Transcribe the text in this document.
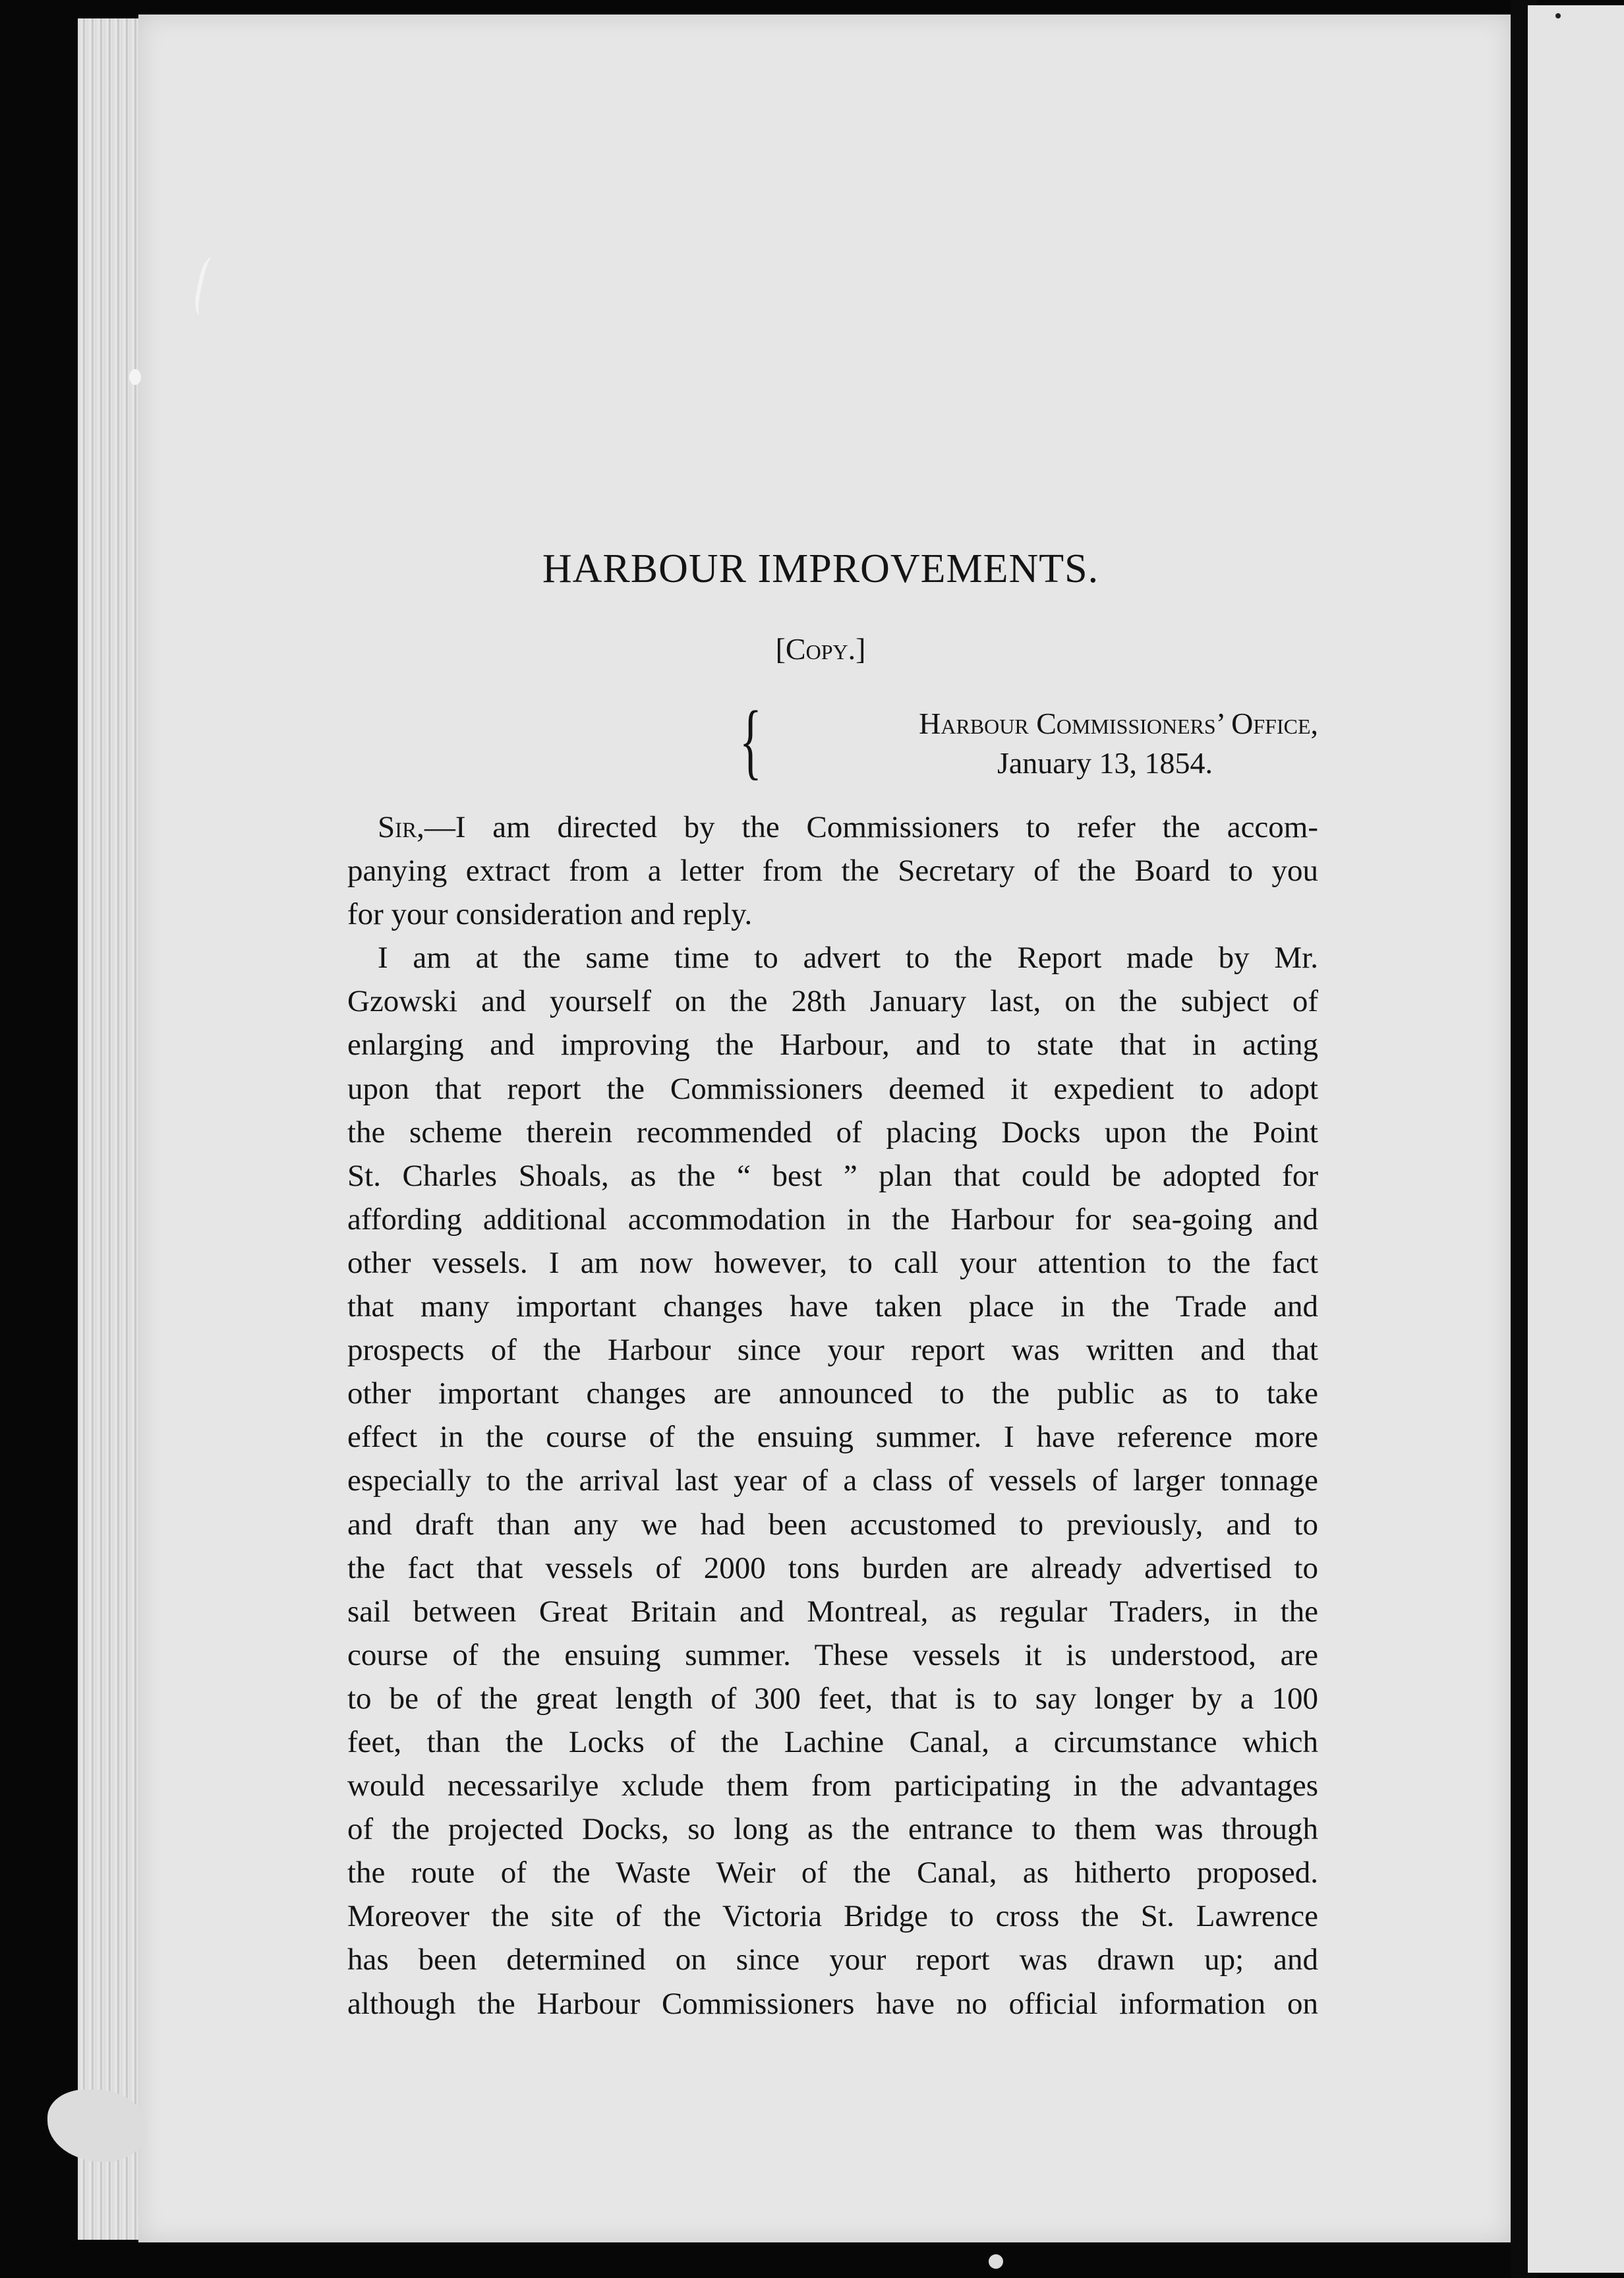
HARBOUR IMPROVEMENTS.
[Copy.]
{	Harbour Commissioners’ Office,
January 13, 1854.
Sir,—I am directed by the Commissioners to refer the accom-
panying extract from a letter from the Secretary of the Board to you
for your consideration and reply.
I am at the same time to advert to the Report made by Mr.
Gzowski and yourself on the 28th January last, on the subject of
enlarging and improving the Harbour, and to state that in acting
upon that report the Commissioners deemed it expedient to adopt
the scheme therein recommended of placing Docks upon the Point
St. Charles Shoals, as the “ best ” plan that could be adopted for
affording additional accommodation in the Harbour for sea-going and
other vessels. I am now however, to call your attention to the fact
that many important changes have taken place in the Trade and
prospects of the Harbour since your report was written and that
other important changes are announced to the public as to take
effect in the course of the ensuing summer. I have reference more
especially to the arrival last year of a class of vessels of larger tonnage
and draft than any we had been accustomed to previously, and to
the fact that vessels of 2000 tons burden are already advertised to
sail between Great Britain and Montreal, as regular Traders, in the
course of the ensuing summer. These vessels it is understood, are
to be of the great length of 300 feet, that is to say longer by a 100
feet, than the Locks of the Lachine Canal, a circumstance which
would necessarilye xclude them from participating in the advantages
of the projected Docks, so long as the entrance to them was through
the route of the Waste Weir of the Canal, as hitherto proposed.
Moreover the site of the Victoria Bridge to cross the St. Lawrence
has been determined on since your report was drawn up; and
although the Harbour Commissioners have no official information on
